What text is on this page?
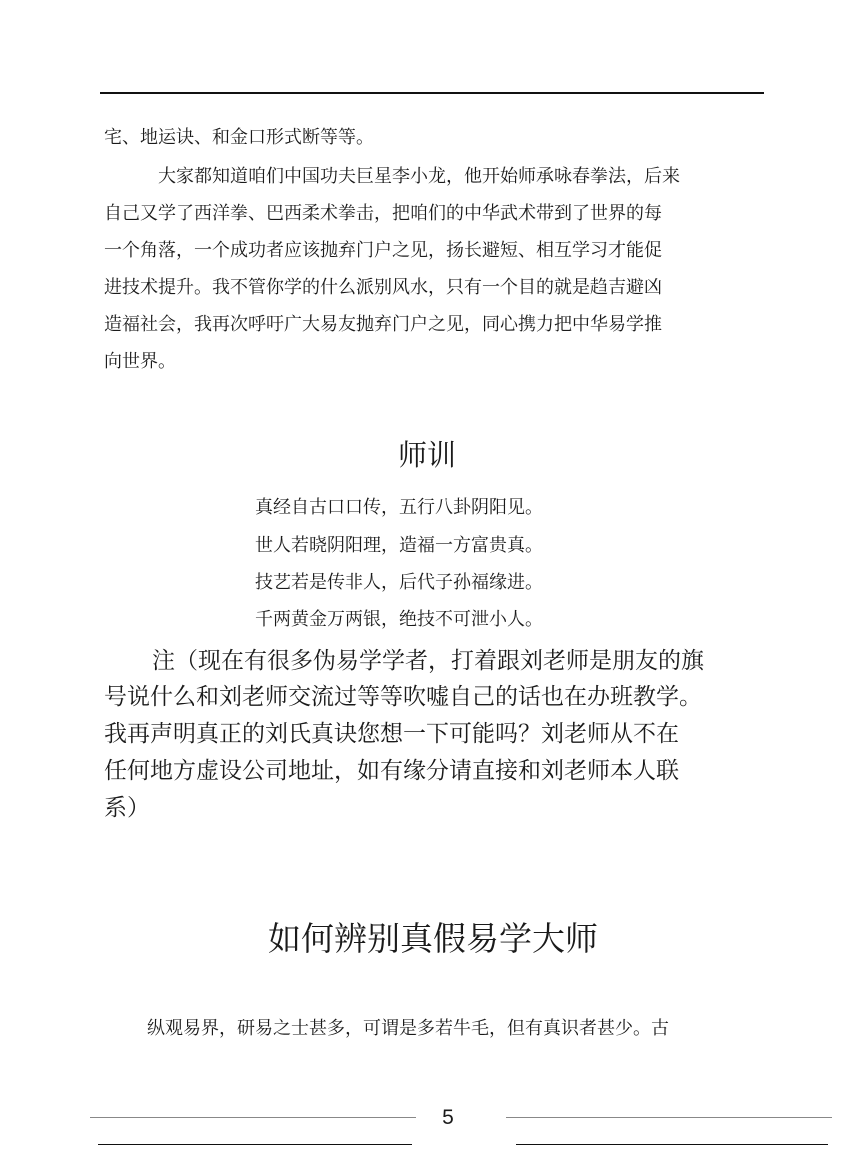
宅、地运诀、和金口形式断等等。

大家都知道咱们中国功夫巨星李小龙，他开始师承咏春拳法，后来

自己又学了西洋拳、巴西柔术拳击，把咱们的中华武术带到了世界的每

一个角落，一个成功者应该抛弃门户之见，扬长避短、相互学习才能促

进技术提升。我不管你学的什么派别风水，只有一个目的就是趋吉避凶

造福社会，我再次呼吁广大易友抛弃门户之见，同心携力把中华易学推

向世界。

师训

真经自古口口传，五行八卦阴阳见。

世人若晓阴阳理，造福一方富贵真。

技艺若是传非人，后代子孙福缘进。

千两黄金万两银，绝技不可泄小人。

注（现在有很多伪易学学者，打着跟刘老师是朋友的旗

号说什么和刘老师交流过等等吹嘘自己的话也在办班教学。

我再声明真正的刘氏真诀您想一下可能吗？刘老师从不在

任何地方虚设公司地址，如有缘分请直接和刘老师本人联

系）

如何辨别真假易学大师

纵观易界，研易之士甚多，可谓是多若牛毛，但有真识者甚少。古

5
